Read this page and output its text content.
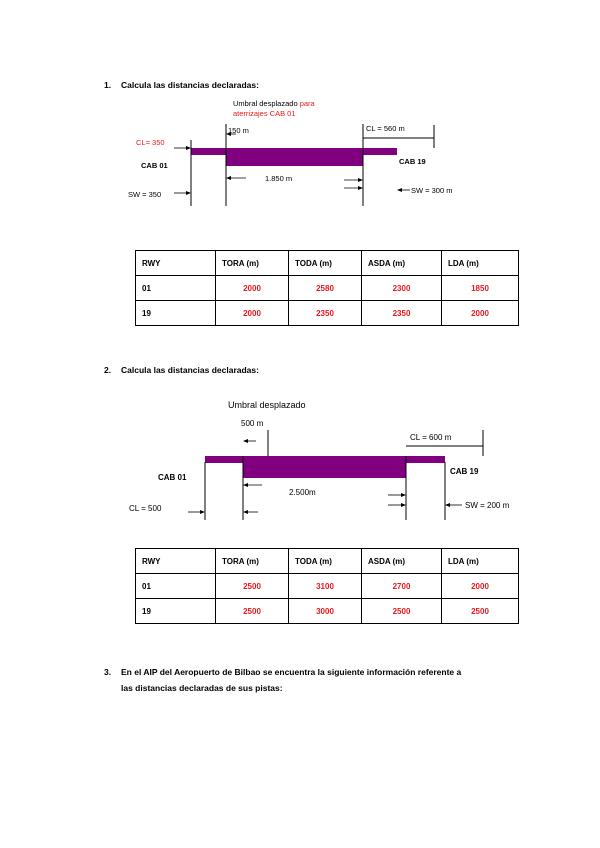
1. Calcula las distancias declaradas:
Umbral desplazado para
aterrizajes CAB 01
CL= 350
150 m	CL = 560 m
CAB 01	CAB 19
1.850 m
SW = 350	SW = 300 m
RWY	TORA (m)	TODA (m)	ASDA (m)	LDA (m)
01	2000	2580	2300	1850
19	2000	2350	2350	2000
2. Calcula las distancias declaradas:
Umbral desplazado
500 m
CL = 600 m
CAB 01
CAB 19
2.500m
CL = 500	SW = 200 m
RWY	TORA (m)	TODA (m)	ASDA (m)	LDA (m)
01	2500	3100	2700	2000
19	2500	3000	2500	2500
3. En el AIP del Aeropuerto de Bilbao se encuentra la siguiente información referente a
las distancias declaradas de sus pistas:
